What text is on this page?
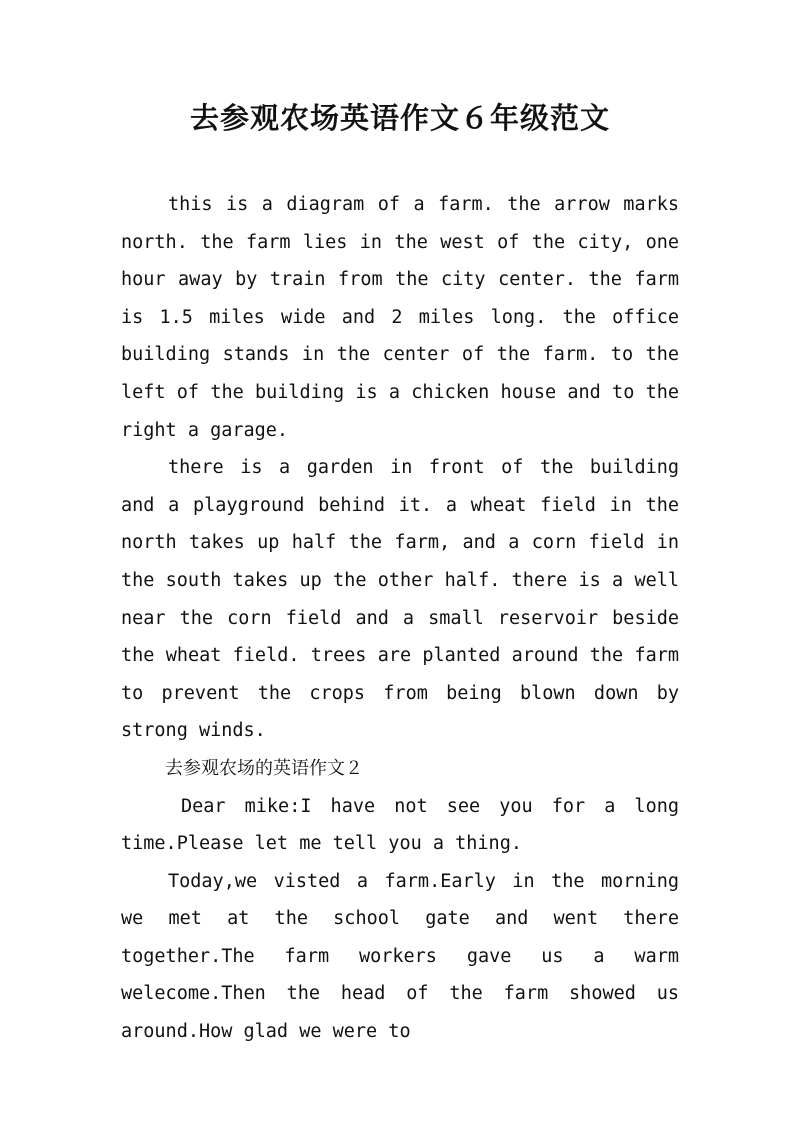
去参观农场英语作文６年级范文

this is a diagram of a farm. the arrow marks north. the farm lies in the west of the city, one hour away by train from the city center. the farm is 1.5 miles wide and 2 miles long. the office building stands in the center of the farm. to the left of the building is a chicken house and to the right a garage.

there is a garden in front of the building and a playground behind it. a wheat field in the north takes up half the farm, and a corn field in the south takes up the other half. there is a well near the corn field and a small reservoir beside the wheat field. trees are planted around the farm to prevent the crops from being blown down by strong winds.

去参观农场的英语作文２

Dear mike:I have not see you for a long time.Please let me tell you a thing.

Today,we visted a farm.Early in the morning we met at the school gate and went there together.The farm workers gave us a warm welecome.Then the head of the farm showed us around.How glad we were to
